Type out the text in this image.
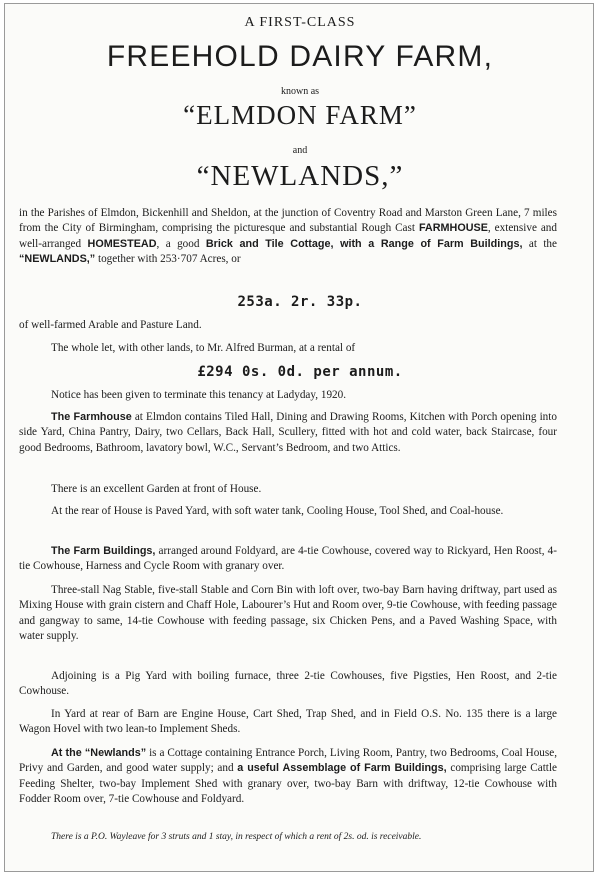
A FIRST-CLASS
FREEHOLD DAIRY FARM,
known as
“ELMDON FARM”
and
“NEWLANDS,”
in the Parishes of Elmdon, Bickenhill and Sheldon, at the junction of Coventry Road and Marston Green Lane, 7 miles from the City of Birmingham, comprising the picturesque and substantial Rough Cast FARMHOUSE, extensive and well-arranged HOMESTEAD, a good Brick and Tile Cottage, with a Range of Farm Buildings, at the “NEWLANDS,” together with 253·707 Acres, or
253a. 2r. 33p.
of well-farmed Arable and Pasture Land.
The whole let, with other lands, to Mr. Alfred Burman, at a rental of
£294 0s. 0d. per annum.
Notice has been given to terminate this tenancy at Ladyday, 1920.
The Farmhouse at Elmdon contains Tiled Hall, Dining and Drawing Rooms, Kitchen with Porch opening into side Yard, China Pantry, Dairy, two Cellars, Back Hall, Scullery, fitted with hot and cold water, back Staircase, four good Bedrooms, Bathroom, lavatory bowl, W.C., Servant’s Bedroom, and two Attics.
There is an excellent Garden at front of House.
At the rear of House is Paved Yard, with soft water tank, Cooling House, Tool Shed, and Coal-house.
The Farm Buildings, arranged around Foldyard, are 4-tie Cowhouse, covered way to Rickyard, Hen Roost, 4-tie Cowhouse, Harness and Cycle Room with granary over.
Three-stall Nag Stable, five-stall Stable and Corn Bin with loft over, two-bay Barn having driftway, part used as Mixing House with grain cistern and Chaff Hole, Labourer’s Hut and Room over, 9-tie Cowhouse, with feeding passage and gangway to same, 14-tie Cowhouse with feeding passage, six Chicken Pens, and a Paved Washing Space, with water supply.
Adjoining is a Pig Yard with boiling furnace, three 2-tie Cowhouses, five Pigsties, Hen Roost, and 2-tie Cowhouse.
In Yard at rear of Barn are Engine House, Cart Shed, Trap Shed, and in Field O.S. No. 135 there is a large Wagon Hovel with two lean-to Implement Sheds.
At the “Newlands” is a Cottage containing Entrance Porch, Living Room, Pantry, two Bedrooms, Coal House, Privy and Garden, and good water supply; and a useful Assemblage of Farm Buildings, comprising large Cattle Feeding Shelter, two-bay Implement Shed with granary over, two-bay Barn with driftway, 12-tie Cowhouse with Fodder Room over, 7-tie Cowhouse and Foldyard.
There is a P.O. Wayleave for 3 struts and 1 stay, in respect of which a rent of 2s. od. is receivable.
